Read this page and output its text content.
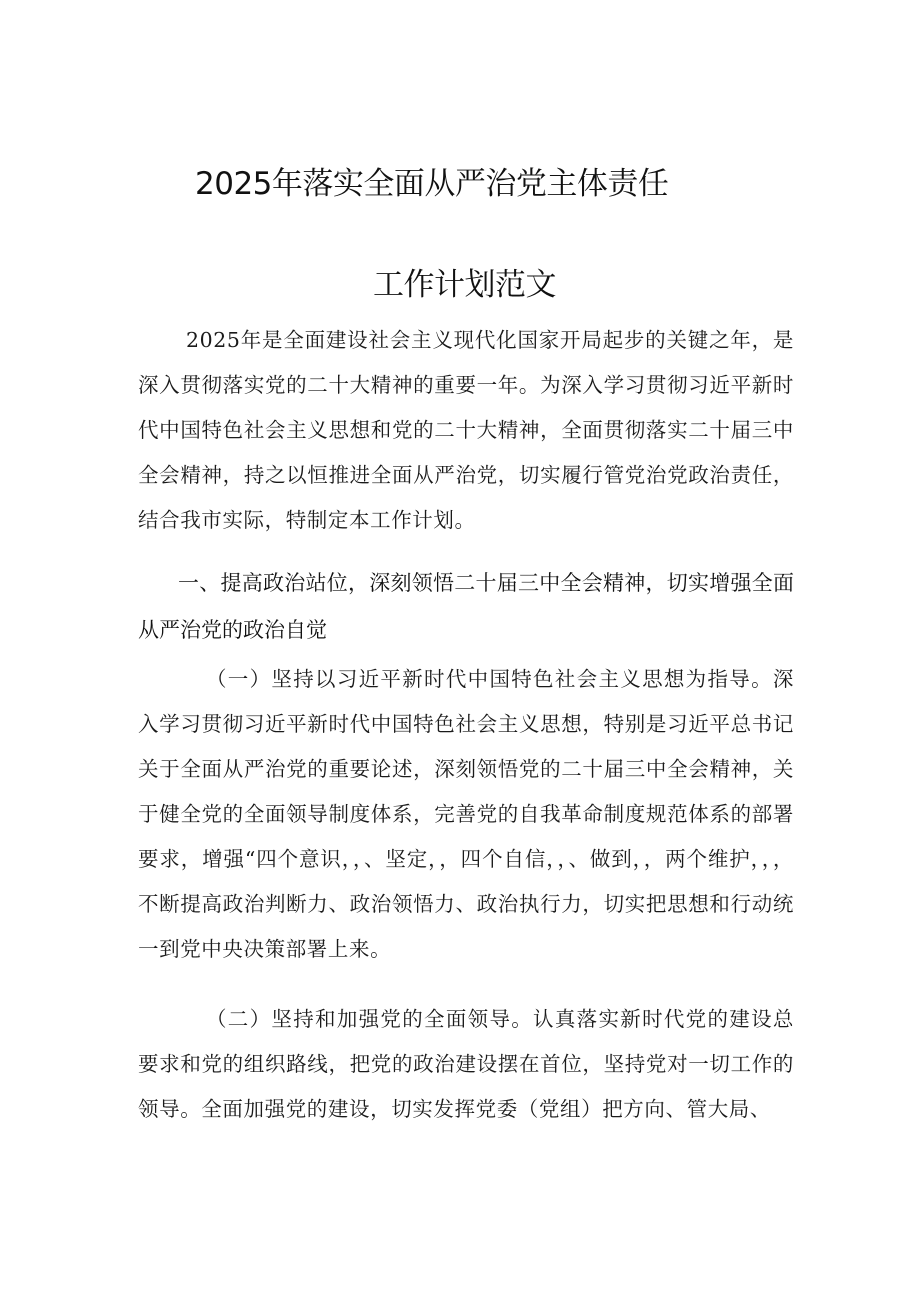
2025年落实全面从严治党主体责任
工作计划范文
2025年是全面建设社会主义现代化国家开局起步的关键之年，是深入贯彻落实党的二十大精神的重要一年。为深入学习贯彻习近平新时代中国特色社会主义思想和党的二十大精神，全面贯彻落实二十届三中全会精神，持之以恒推进全面从严治党，切实履行管党治党政治责任，结合我市实际，特制定本工作计划。
一、提高政治站位，深刻领悟二十届三中全会精神，切实增强全面从严治党的政治自觉
（一）坚持以习近平新时代中国特色社会主义思想为指导。深入学习贯彻习近平新时代中国特色社会主义思想，特别是习近平总书记关于全面从严治党的重要论述，深刻领悟党的二十届三中全会精神，关于健全党的全面领导制度体系，完善党的自我革命制度规范体系的部署要求，增强“四个意识，，、坚定，，四个自信，，、做到，，两个维护，，，不断提高政治判断力、政治领悟力、政治执行力，切实把思想和行动统一到党中央决策部署上来。
（二）坚持和加强党的全面领导。认真落实新时代党的建设总要求和党的组织路线，把党的政治建设摆在首位，坚持党对一切工作的领导。全面加强党的建设，切实发挥党委（党组）把方向、管大局、
